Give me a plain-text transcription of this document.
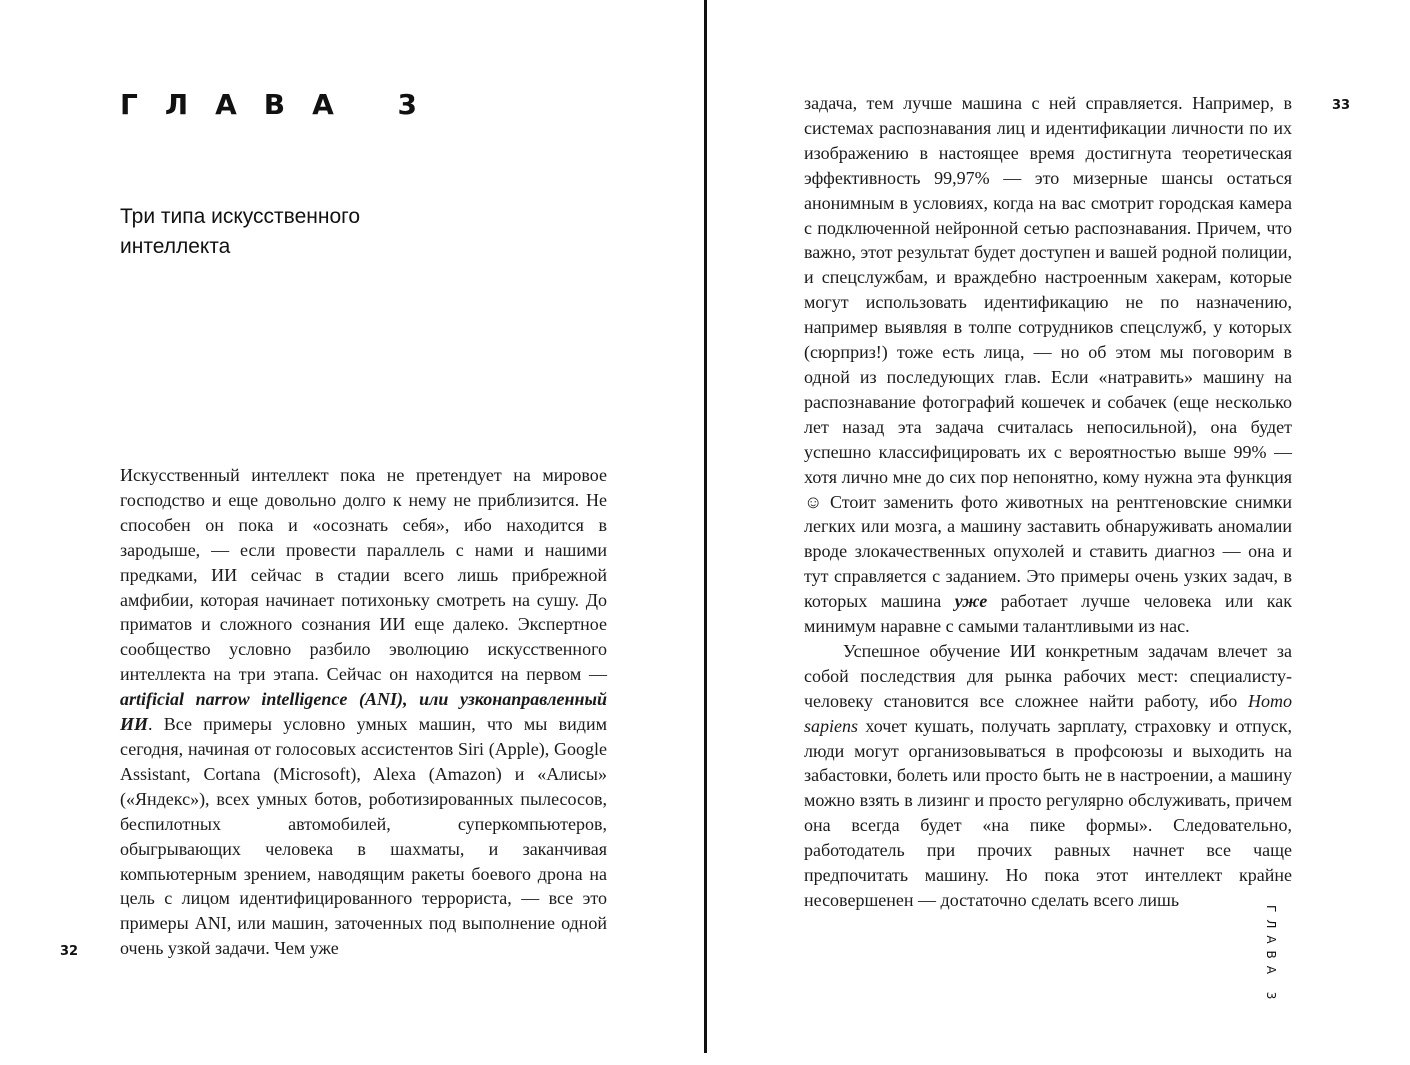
ГЛАВА 3
Три типа искусственного интеллекта

Искусственный интеллект пока не претендует на мировое господство и еще довольно долго к нему не приблизится. Не способен он пока и «осознать себя», ибо находится в зародыше, — если провести параллель с нами и нашими предками, ИИ сейчас в стадии всего лишь прибрежной амфибии, которая начинает потихоньку смотреть на сушу. До приматов и сложного сознания ИИ еще далеко. Экспертное сообщество условно разбило эволюцию искусственного интеллекта на три этапа. Сейчас он находится на первом — artificial narrow intelligence (ANI), или узконаправленный ИИ. Все примеры условно умных машин, что мы видим сегодня, начиная от голосовых ассистентов Siri (Apple), Google Assistant, Cortana (Microsoft), Alexa (Amazon) и «Алисы» («Яндекс»), всех умных ботов, роботизированных пылесосов, беспилотных автомобилей, суперкомпьютеров, обыгрывающих человека в шахматы, и заканчивая компьютерным зрением, наводящим ракеты боевого дрона на цель с лицом идентифицированного террориста, — все это примеры ANI, или машин, заточенных под выполнение одной очень узкой задачи. Чем уже

32

задача, тем лучше машина с ней справляется. Например, в системах распознавания лиц и идентификации личности по их изображению в настоящее время достигнута теоретическая эффективность 99,97% — это мизерные шансы остаться анонимным в условиях, когда на вас смотрит городская камера с подключенной нейронной сетью распознавания. Причем, что важно, этот результат будет доступен и вашей родной полиции, и спецслужбам, и враждебно настроенным хакерам, которые могут использовать идентификацию не по назначению, например выявляя в толпе сотрудников спецслужб, у которых (сюрприз!) тоже есть лица, — но об этом мы поговорим в одной из последующих глав. Если «натравить» машину на распознавание фотографий кошечек и собачек (еще несколько лет назад эта задача считалась непосильной), она будет успешно классифицировать их с вероятностью выше 99% — хотя лично мне до сих пор непонятно, кому нужна эта функция☺ Стоит заменить фото животных на рентгеновские снимки легких или мозга, а машину заставить обнаруживать аномалии вроде злокачественных опухолей и ставить диагноз — она и тут справляется с заданием. Это примеры очень узких задач, в которых машина уже работает лучше человека или как минимум наравне с самыми талантливыми из нас.

Успешное обучение ИИ конкретным задачам влечет за собой последствия для рынка рабочих мест: специалисту-человеку становится все сложнее найти работу, ибо Homo sapiens хочет кушать, получать зарплату, страховку и отпуск, люди могут организовываться в профсоюзы и выходить на забастовки, болеть или просто быть не в настроении, а машину можно взять в лизинг и просто регулярно обслуживать, причем она всегда будет «на пике формы». Следовательно, работодатель при прочих равных начнет все чаще предпочитать машину. Но пока этот интеллект крайне несовершенен — достаточно сделать всего лишь

33
ГЛАВА 3
